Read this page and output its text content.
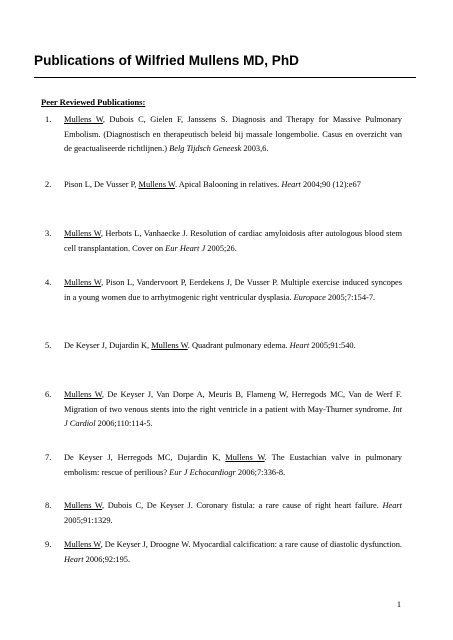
Publications of Wilfried Mullens MD, PhD
Peer Reviewed Publications:
1.	Mullens W, Dubois C, Gielen F, Janssens S. Diagnosis and Therapy for Massive Pulmonary Embolism. (Diagnostisch en therapeutisch beleid bij massale longembolie. Casus en overzicht van de geactualiseerde richtlijnen.) Belg Tijdsch Geneesk 2003,6.
2.	Pison L, De Vusser P, Mullens W. Apical Balooning in relatives. Heart 2004;90 (12):e67
3.	Mullens W, Herbots L, Vanhaecke J. Resolution of cardiac amyloidosis after autologous blood stem cell transplantation. Cover on Eur Heart J 2005;26.
4.	Mullens W, Pison L, Vandervoort P, Eerdekens J, De Vusser P. Multiple exercise induced syncopes in a young women due to arrhytmogenic right ventricular dysplasia. Europace 2005;7:154-7.
5.	De Keyser J, Dujardin K, Mullens W. Quadrant pulmonary edema. Heart 2005;91:540.
6.	Mullens W, De Keyser J, Van Dorpe A, Meuris B, Flameng W, Herregods MC, Van de Werf F. Migration of two venous stents into the right ventricle in a patient with May-Thurner syndrome. Int J Cardiol 2006;110:114-5.
7.	De Keyser J, Herregods MC, Dujardin K, Mullens W. The Eustachian valve in pulmonary embolism: rescue of perilious? Eur J Echocardiogr 2006;7:336-8.
8.	Mullens W, Dubois C, De Keyser J. Coronary fistula: a rare cause of right heart failure. Heart 2005;91:1329.
9.	Mullens W, De Keyser J, Droogne W. Myocardial calcification: a rare cause of diastolic dysfunction. Heart 2006;92:195.
1
